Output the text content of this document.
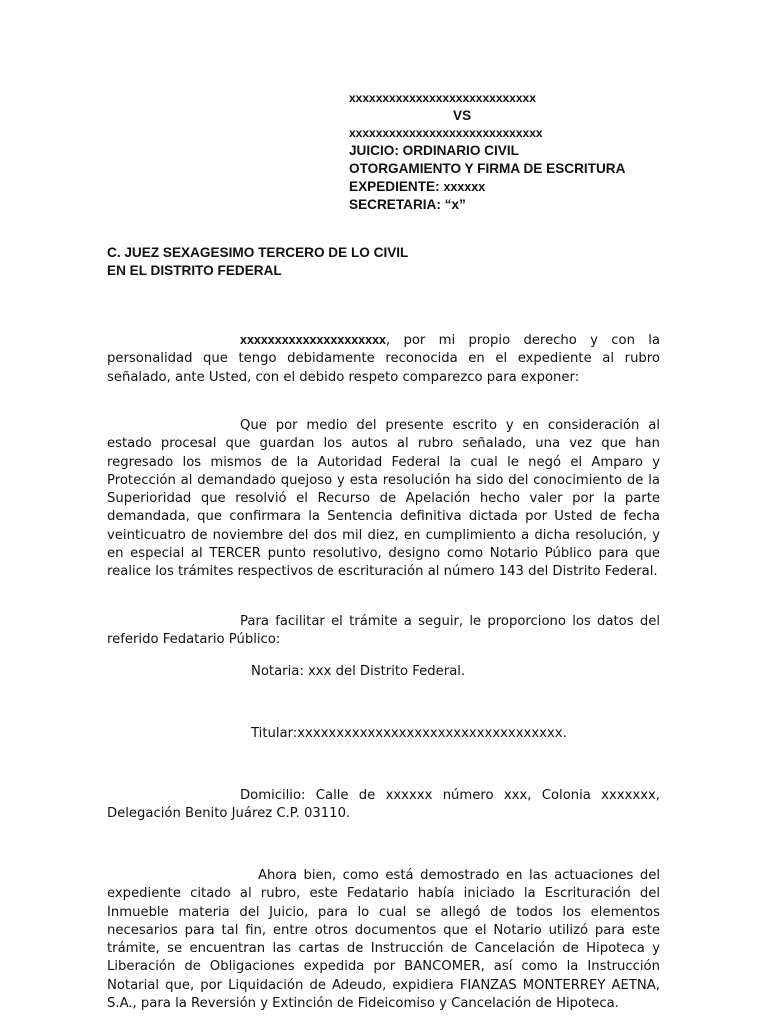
xxxxxxxxxxxxxxxxxxxxxxxxxxxx
VS
xxxxxxxxxxxxxxxxxxxxxxxxxxxxx
JUICIO: ORDINARIO CIVIL
OTORGAMIENTO Y FIRMA DE ESCRITURA
EXPEDIENTE: xxxxxx
SECRETARIA: “x”
C. JUEZ SEXAGESIMO TERCERO DE LO CIVIL
EN EL DISTRITO FEDERAL

xxxxxxxxxxxxxxxxxxxxx, por mi propio derecho y con la personalidad que tengo debidamente reconocida en el expediente al rubro señalado, ante Usted, con el debido respeto comparezco para exponer:

Que por medio del presente escrito y en consideración al estado procesal que guardan los autos al rubro señalado, una vez que han regresado los mismos de la Autoridad Federal la cual le negó el Amparo y Protección al demandado quejoso y esta resolución ha sido del conocimiento de la Superioridad que resolvió el Recurso de Apelación hecho valer por la parte demandada, que confirmara la Sentencia definitiva dictada por Usted de fecha veinticuatro de noviembre del dos mil diez, en cumplimiento a dicha resolución, y en especial al TERCER punto resolutivo, designo como Notario Público para que realice los trámites respectivos de escrituración al número 143 del Distrito Federal.

Para facilitar el trámite a seguir, le proporciono los datos del referido Fedatario Público:

Notaria: xxx del Distrito Federal.
Titular:xxxxxxxxxxxxxxxxxxxxxxxxxxxxxxxxxx.

Domicilio: Calle de xxxxxx número xxx, Colonia xxxxxxx, Delegación Benito Juárez C.P. 03110.

Ahora bien, como está demostrado en las actuaciones del expediente citado al rubro, este Fedatario había iniciado la Escrituración del Inmueble materia del Juicio, para lo cual se allegó de todos los elementos necesarios para tal fin, entre otros documentos que el Notario utilizó para este trámite, se encuentran las cartas de Instrucción de Cancelación de Hipoteca y Liberación de Obligaciones expedida por BANCOMER, así como la Instrucción Notarial que, por Liquidación de Adeudo, expidiera FIANZAS MONTERREY AETNA, S.A., para la Reversión y Extinción de Fideicomiso y Cancelación de Hipoteca.
